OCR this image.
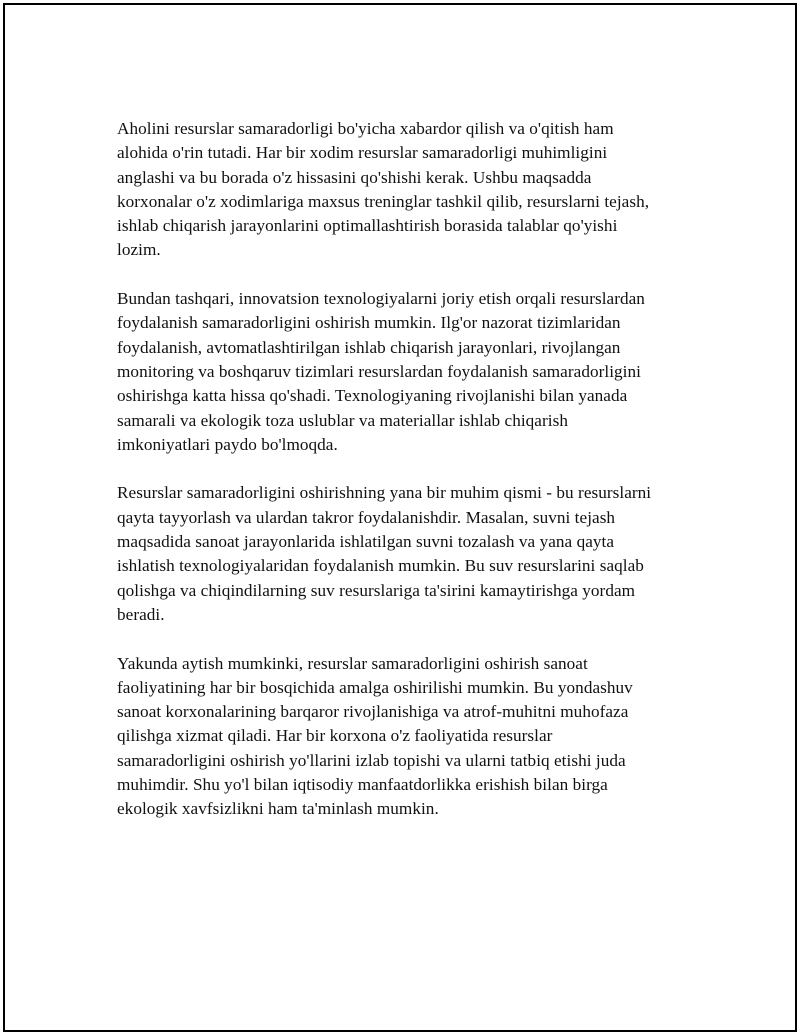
Aholini resurslar samaradorligi bo'yicha xabardor qilish va o'qitish ham
alohida o'rin tutadi. Har bir xodim resurslar samaradorligi muhimligini
anglashi va bu borada o'z hissasini qo'shishi kerak. Ushbu maqsadda
korxonalar o'z xodimlariga maxsus treninglar tashkil qilib, resurslarni tejash,
ishlab chiqarish jarayonlarini optimallashtirish borasida talablar qo'yishi
lozim.

Bundan tashqari, innovatsion texnologiyalarni joriy etish orqali resurslardan
foydalanish samaradorligini oshirish mumkin. Ilg'or nazorat tizimlaridan
foydalanish, avtomatlashtirilgan ishlab chiqarish jarayonlari, rivojlangan
monitoring va boshqaruv tizimlari resurslardan foydalanish samaradorligini
oshirishga katta hissa qo'shadi. Texnologiyaning rivojlanishi bilan yanada
samarali va ekologik toza uslublar va materiallar ishlab chiqarish
imkoniyatlari paydo bo'lmoqda.

Resurslar samaradorligini oshirishning yana bir muhim qismi - bu resurslarni
qayta tayyorlash va ulardan takror foydalanishdir. Masalan, suvni tejash
maqsadida sanoat jarayonlarida ishlatilgan suvni tozalash va yana qayta
ishlatish texnologiyalaridan foydalanish mumkin. Bu suv resurslarini saqlab
qolishga va chiqindilarning suv resurslariga ta'sirini kamaytirishga yordam
beradi.

Yakunda aytish mumkinki, resurslar samaradorligini oshirish sanoat
faoliyatining har bir bosqichida amalga oshirilishi mumkin. Bu yondashuv
sanoat korxonalarining barqaror rivojlanishiga va atrof-muhitni muhofaza
qilishga xizmat qiladi. Har bir korxona o'z faoliyatida resurslar
samaradorligini oshirish yo'llarini izlab topishi va ularni tatbiq etishi juda
muhimdir. Shu yo'l bilan iqtisodiy manfaatdorlikka erishish bilan birga
ekologik xavfsizlikni ham ta'minlash mumkin.
